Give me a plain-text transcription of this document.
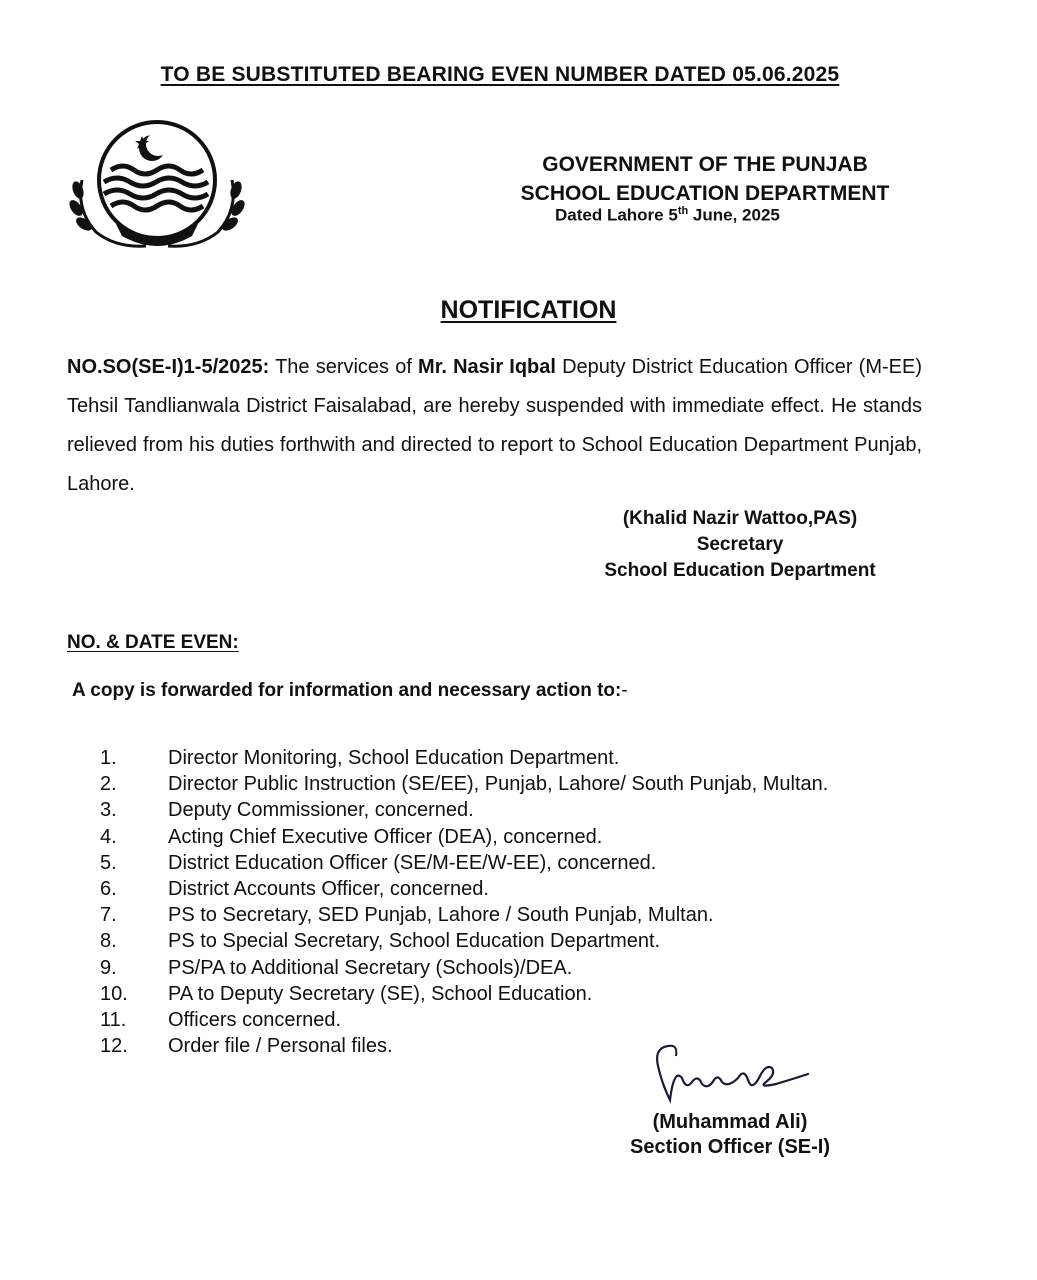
TO BE SUBSTITUTED BEARING EVEN NUMBER DATED 05.06.2025
GOVERNMENT OF THE PUNJAB
SCHOOL EDUCATION DEPARTMENT
Dated Lahore 5th June, 2025
NOTIFICATION
NO.SO(SE-I)1-5/2025: The services of Mr. Nasir Iqbal Deputy District Education Officer (M-EE) Tehsil Tandlianwala District Faisalabad, are hereby suspended with immediate effect. He stands relieved from his duties forthwith and directed to report to School Education Department Punjab, Lahore.
(Khalid Nazir Wattoo,PAS)
Secretary
School Education Department
NO. & DATE EVEN:
A copy is forwarded for information and necessary action to:-
1.	Director Monitoring, School Education Department.
2.	Director Public Instruction (SE/EE), Punjab, Lahore/ South Punjab, Multan.
3.	Deputy Commissioner, concerned.
4.	Acting Chief Executive Officer (DEA), concerned.
5.	District Education Officer (SE/M-EE/W-EE), concerned.
6.	District Accounts Officer, concerned.
7.	PS to Secretary, SED Punjab, Lahore / South Punjab, Multan.
8.	PS to Special Secretary, School Education Department.
9.	PS/PA to Additional Secretary (Schools)/DEA.
10.	PA to Deputy Secretary (SE), School Education.
11.	Officers concerned.
12.	Order file / Personal files.
(Muhammad Ali)
Section Officer (SE-I)
